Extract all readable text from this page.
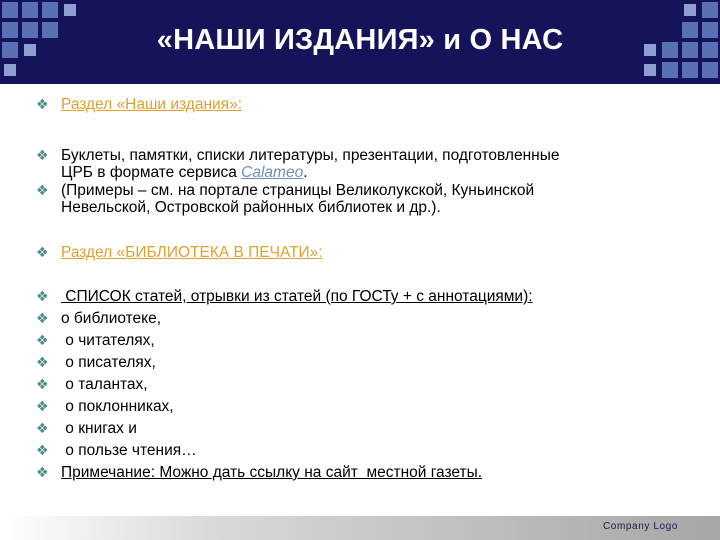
«НАШИ ИЗДАНИЯ» и О НАС
❖ Раздел «Наши издания»:
❖ Буклеты, памятки, списки литературы, презентации, подготовленные
ЦРБ в формате сервиса Calameo.
❖ (Примеры – см. на портале страницы Великолукской, Куньинской
Невельской, Островской районных библиотек и др.).
❖ Раздел «БИБЛИОТЕКА В ПЕЧАТИ»:
❖ СПИСОК статей, отрывки из статей (по ГОСТу + с аннотациями):
❖ о библиотеке,
❖ о читателях,
❖ о писателях,
❖ о талантах,
❖ о поклонниках,
❖ о книгах и
❖ о пользе чтения…
❖ Примечание: Можно дать ссылку на сайт  местной газеты.
Company Logo
